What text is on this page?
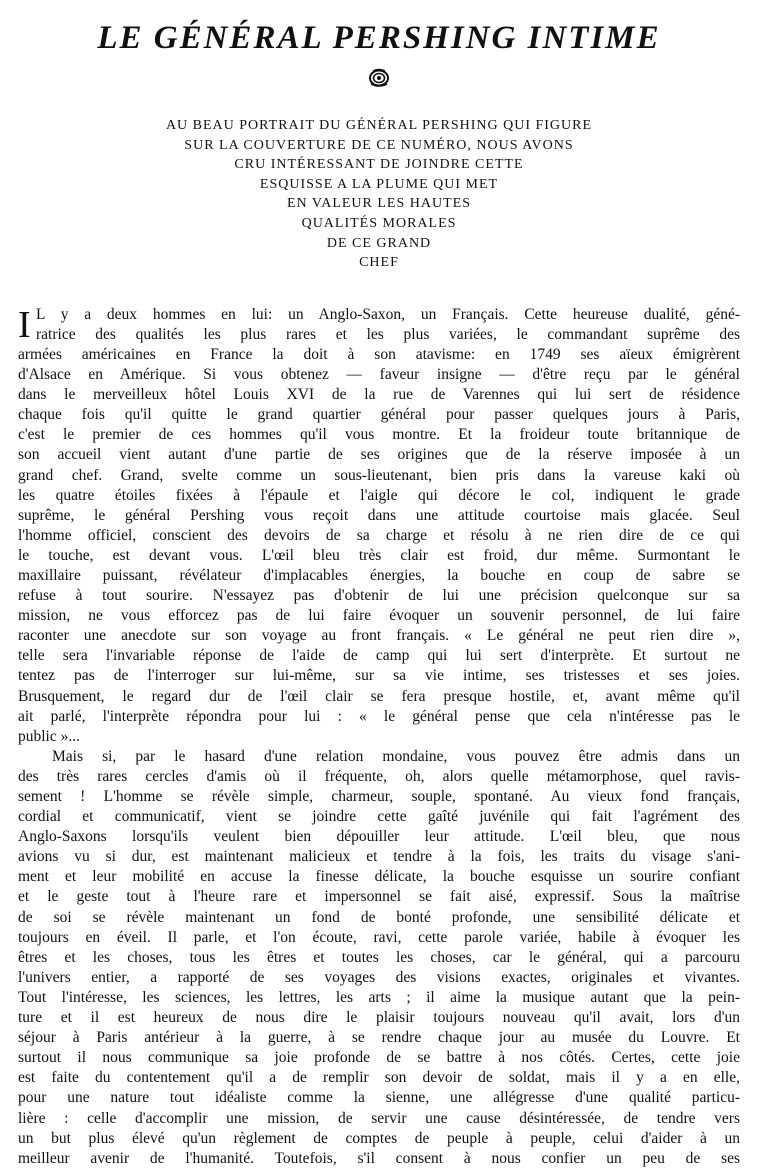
LE GÉNÉRAL PERSHING INTIME
AU BEAU PORTRAIT DU GÉNÉRAL PERSHING QUI FIGURE
SUR LA COUVERTURE DE CE NUMÉRO, NOUS AVONS
CRU INTÉRESSANT DE JOINDRE CETTE
ESQUISSE A LA PLUME QUI MET
EN VALEUR LES HAUTES
QUALITÉS MORALES
DE CE GRAND
CHEF
I L y a deux hommes en lui: un Anglo-Saxon, un Français. Cette heureuse dualité, géné-
ratrice des qualités les plus rares et les plus variées, le commandant suprême des
armées américaines en France la doit à son atavisme: en 1749 ses aïeux émigrèrent
d'Alsace en Amérique. Si vous obtenez — faveur insigne — d'être reçu par le général
dans le merveilleux hôtel Louis XVI de la rue de Varennes qui lui sert de résidence
chaque fois qu'il quitte le grand quartier général pour passer quelques jours à Paris,
c'est le premier de ces hommes qu'il vous montre. Et la froideur toute britannique de
son accueil vient autant d'une partie de ses origines que de la réserve imposée à un
grand chef. Grand, svelte comme un sous-lieutenant, bien pris dans la vareuse kaki où
les quatre étoiles fixées à l'épaule et l'aigle qui décore le col, indiquent le grade
suprême, le général Pershing vous reçoit dans une attitude courtoise mais glacée. Seul
l'homme officiel, conscient des devoirs de sa charge et résolu à ne rien dire de ce qui
le touche, est devant vous. L'œil bleu très clair est froid, dur même. Surmontant le
maxillaire puissant, révélateur d'implacables énergies, la bouche en coup de sabre se
refuse à tout sourire. N'essayez pas d'obtenir de lui une précision quelconque sur sa
mission, ne vous efforcez pas de lui faire évoquer un souvenir personnel, de lui faire
raconter une anecdote sur son voyage au front français. « Le général ne peut rien dire »,
telle sera l'invariable réponse de l'aide de camp qui lui sert d'interprète. Et surtout ne
tentez pas de l'interroger sur lui-même, sur sa vie intime, ses tristesses et ses joies.
Brusquement, le regard dur de l'œil clair se fera presque hostile, et, avant même qu'il
ait parlé, l'interprète répondra pour lui : « le général pense que cela n'intéresse pas le
public »...
Mais si, par le hasard d'une relation mondaine, vous pouvez être admis dans un
des très rares cercles d'amis où il fréquente, oh, alors quelle métamorphose, quel ravis-
sement ! L'homme se révèle simple, charmeur, souple, spontané. Au vieux fond français,
cordial et communicatif, vient se joindre cette gaîté juvénile qui fait l'agrément des
Anglo-Saxons lorsqu'ils veulent bien dépouiller leur attitude. L'œil bleu, que nous
avions vu si dur, est maintenant malicieux et tendre à la fois, les traits du visage s'ani-
ment et leur mobilité en accuse la finesse délicate, la bouche esquisse un sourire confiant
et le geste tout à l'heure rare et impersonnel se fait aisé, expressif. Sous la maîtrise
de soi se révèle maintenant un fond de bonté profonde, une sensibilité délicate et
toujours en éveil. Il parle, et l'on écoute, ravi, cette parole variée, habile à évoquer les
êtres et les choses, tous les êtres et toutes les choses, car le général, qui a parcouru
l'univers entier, a rapporté de ses voyages des visions exactes, originales et vivantes.
Tout l'intéresse, les sciences, les lettres, les arts ; il aime la musique autant que la pein-
ture et il est heureux de nous dire le plaisir toujours nouveau qu'il avait, lors d'un
séjour à Paris antérieur à la guerre, à se rendre chaque jour au musée du Louvre. Et
surtout il nous communique sa joie profonde de se battre à nos côtés. Certes, cette joie
est faite du contentement qu'il a de remplir son devoir de soldat, mais il y a en elle,
pour une nature tout idéaliste comme la sienne, une allégresse d'une qualité particu-
lière : celle d'accomplir une mission, de servir une cause désintéressée, de tendre vers
un but plus élevé qu'un règlement de comptes de peuple à peuple, celui d'aider à un
meilleur avenir de l'humanité. Toutefois, s'il consent à nous confier un peu de ses
